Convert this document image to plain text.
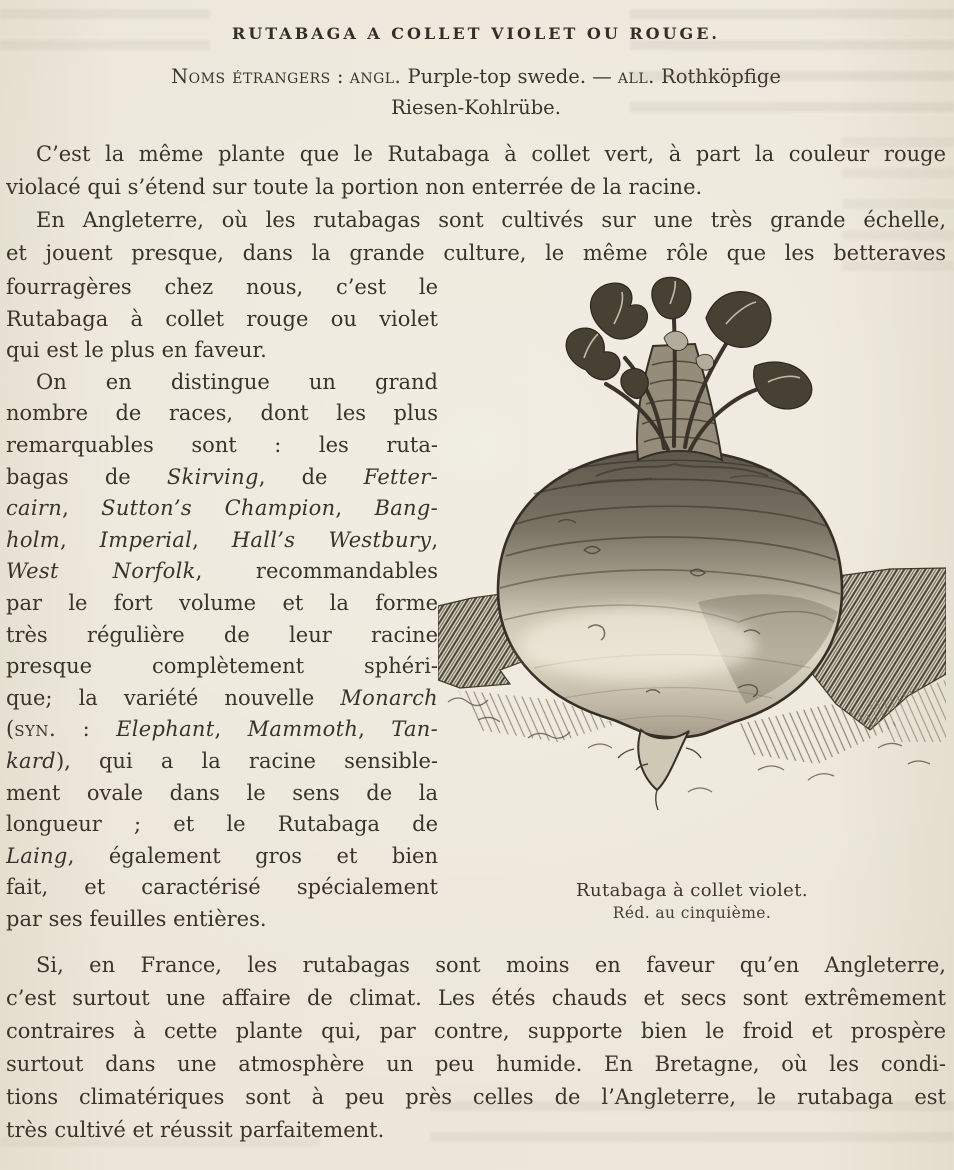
RUTABAGA A COLLET VIOLET OU ROUGE.
Noms étrangers : angl. Purple-top swede. — all. Rothköpfige
Riesen-Kohlrübe.
C’est la même plante que le Rutabaga à collet vert, à part la couleur rouge
violacé qui s’étend sur toute la portion non enterrée de la racine.
En Angleterre, où les rutabagas sont cultivés sur une très grande échelle,
et jouent presque, dans la grande culture, le même rôle que les betteraves
fourragères chez nous, c’est le
Rutabaga à collet rouge ou violet
qui est le plus en faveur.
On en distingue un grand
nombre de races, dont les plus
remarquables sont : les ruta-
bagas de Skirving, de Fetter-
cairn, Sutton’s Champion, Bang-
holm, Imperial, Hall’s Westbury,
West Norfolk, recommandables
par le fort volume et la forme
très régulière de leur racine
presque complètement sphéri-
que; la variété nouvelle Monarch
(syn. : Elephant, Mammoth, Tan-
kard), qui a la racine sensible-
ment ovale dans le sens de la
longueur ; et le Rutabaga de
Laing, également gros et bien
fait, et caractérisé spécialement
par ses feuilles entières.
Rutabaga à collet violet.
Réd. au cinquième.
Si, en France, les rutabagas sont moins en faveur qu’en Angleterre,
c’est surtout une affaire de climat. Les étés chauds et secs sont extrêmement
contraires à cette plante qui, par contre, supporte bien le froid et prospère
surtout dans une atmosphère un peu humide. En Bretagne, où les condi-
tions climatériques sont à peu près celles de l’Angleterre, le rutabaga est
très cultivé et réussit parfaitement.
